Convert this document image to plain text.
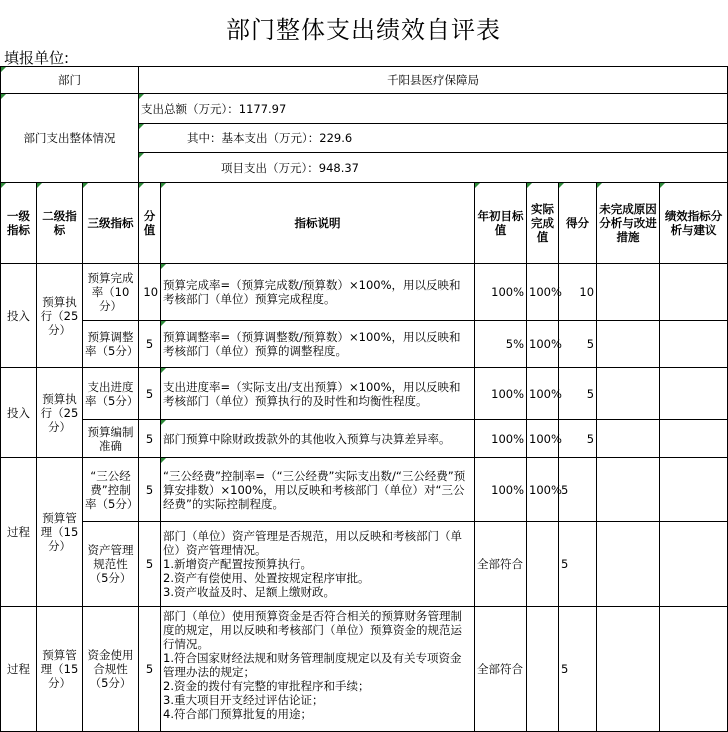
部门整体支出绩效自评表
填报单位:
部门			千阳县医疗保障局						
部门支出整体情况			支出总额（万元）：1177.97						
			其中：基本支出（万元）：229.6						
			项目支出（万元）：948.37						
一级指标	二级指标	三级指标	分值	指标说明	年初目标值	实际完成值	得分	未完成原因分析与改进措施	绩效指标分析与建议
投入	预算执行（25分）	预算完成率（10分）	10	预算完成率=（预算完成数/预算数）×100%，用以反映和考核部门（单位）预算完成程度。	100%	100%	10		
		预算调整率（5分）	5	预算调整率=（预算调整数/预算数）×100%，用以反映和考核部门（单位）预算的调整程度。	5%	100%	5		
投入	预算执行（25分）	支出进度率（5分）	5	支出进度率=（实际支出/支出预算）×100%，用以反映和考核部门（单位）预算执行的及时性和均衡性程度。	100%	100%	5		
		预算编制准确	5	部门预算中除财政拨款外的其他收入预算与决算差异率。	100%	100%	5		
过程	预算管理（15分）	“三公经费”控制率（5分）	5	“三公经费”控制率=（“三公经费”实际支出数/“三公经费”预算安排数）×100%，用以反映和考核部门（单位）对“三公经费”的实际控制程度。	100%	100%	5		
		资产管理规范性（5分）	5	部门（单位）资产管理是否规范，用以反映和考核部门（单位）资产管理情况。
1.新增资产配置按预算执行。
2.资产有偿使用、处置按规定程序审批。
3.资产收益及时、足额上缴财政。	全部符合		5		
过程	预算管理（15分）	资金使用合规性（5分）	5	部门（单位）使用预算资金是否符合相关的预算财务管理制度的规定，用以反映和考核部门（单位）预算资金的规范运行情况。
1.符合国家财经法规和财务管理制度规定以及有关专项资金管理办法的规定；
2.资金的拨付有完整的审批程序和手续；
3.重大项目开支经过评估论证；
4.符合部门预算批复的用途；	全部符合		5		
